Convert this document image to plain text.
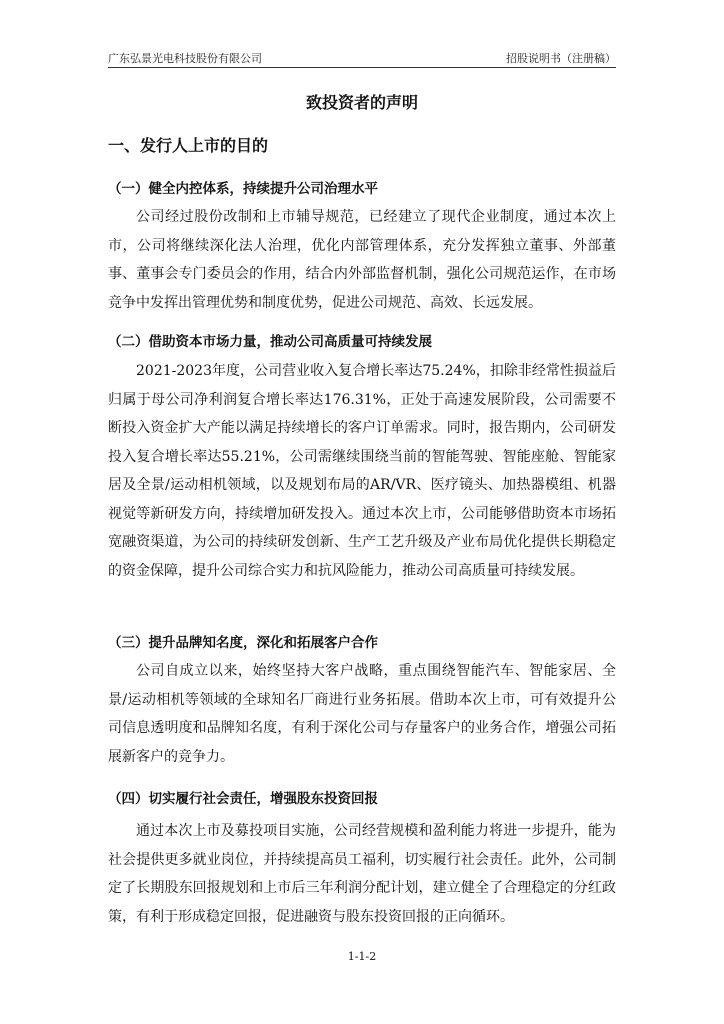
广东弘景光电科技股份有限公司	招股说明书（注册稿）
致投资者的声明
一、发行人上市的目的
（一）健全内控体系，持续提升公司治理水平
公司经过股份改制和上市辅导规范，已经建立了现代企业制度，通过本次上市，公司将继续深化法人治理，优化内部管理体系，充分发挥独立董事、外部董事、董事会专门委员会的作用，结合内外部监督机制，强化公司规范运作，在市场竞争中发挥出管理优势和制度优势，促进公司规范、高效、长远发展。
（二）借助资本市场力量，推动公司高质量可持续发展
2021-2023年度，公司营业收入复合增长率达75.24%，扣除非经常性损益后归属于母公司净利润复合增长率达176.31%，正处于高速发展阶段，公司需要不断投入资金扩大产能以满足持续增长的客户订单需求。同时，报告期内，公司研发投入复合增长率达55.21%，公司需继续围绕当前的智能驾驶、智能座舱、智能家居及全景/运动相机领域，以及规划布局的AR/VR、医疗镜头、加热器模组、机器视觉等新研发方向，持续增加研发投入。通过本次上市，公司能够借助资本市场拓宽融资渠道，为公司的持续研发创新、生产工艺升级及产业布局优化提供长期稳定的资金保障，提升公司综合实力和抗风险能力，推动公司高质量可持续发展。
（三）提升品牌知名度，深化和拓展客户合作
公司自成立以来，始终坚持大客户战略，重点围绕智能汽车、智能家居、全景/运动相机等领域的全球知名厂商进行业务拓展。借助本次上市，可有效提升公司信息透明度和品牌知名度，有利于深化公司与存量客户的业务合作，增强公司拓展新客户的竞争力。
（四）切实履行社会责任，增强股东投资回报
通过本次上市及募投项目实施，公司经营规模和盈利能力将进一步提升，能为社会提供更多就业岗位，并持续提高员工福利，切实履行社会责任。此外，公司制定了长期股东回报规划和上市后三年利润分配计划，建立健全了合理稳定的分红政策，有利于形成稳定回报，促进融资与股东投资回报的正向循环。
1-1-2
